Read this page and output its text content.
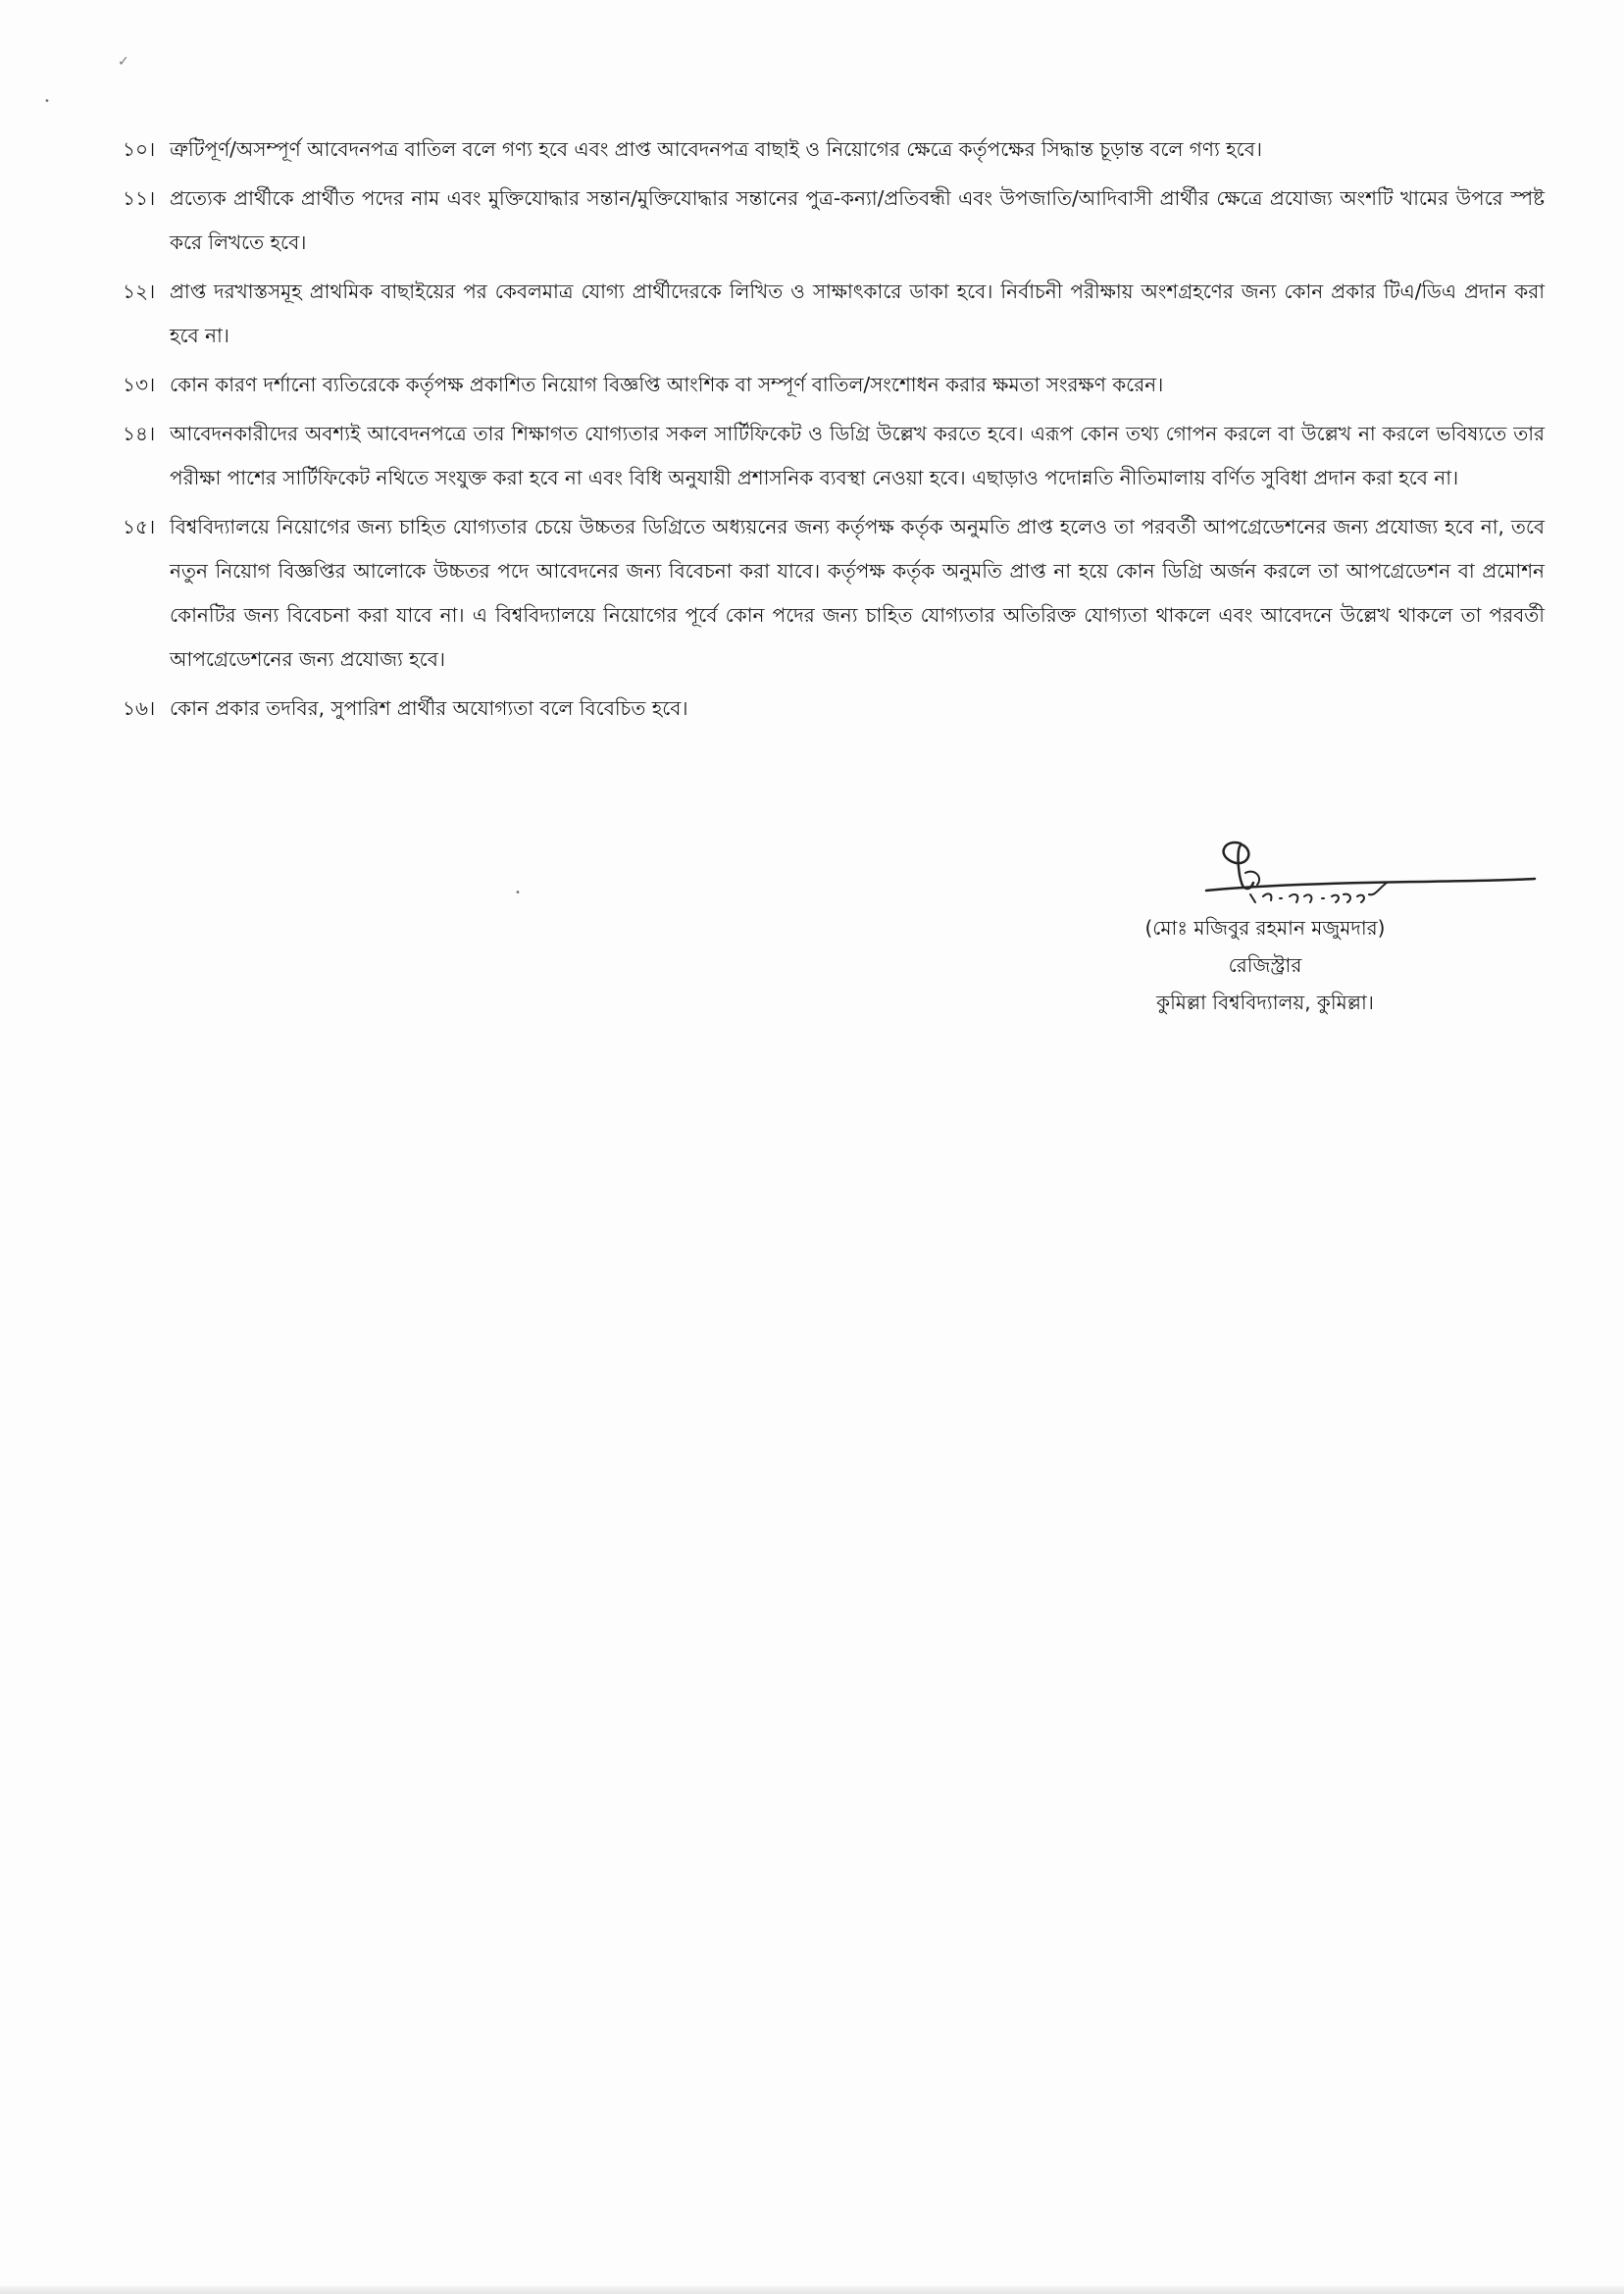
✓
•
•
১০। ত্রুটিপূর্ণ/অসম্পূর্ণ আবেদনপত্র বাতিল বলে গণ্য হবে এবং প্রাপ্ত আবেদনপত্র বাছাই ও নিয়োগের ক্ষেত্রে কর্তৃপক্ষের সিদ্ধান্ত চূড়ান্ত বলে গণ্য হবে।
১১। প্রত্যেক প্রার্থীকে প্রার্থীত পদের নাম এবং মুক্তিযোদ্ধার সন্তান/মুক্তিযোদ্ধার সন্তানের পুত্র-কন্যা/প্রতিবন্ধী এবং উপজাতি/আদিবাসী প্রার্থীর ক্ষেত্রে প্রযোজ্য অংশটি খামের উপরে স্পষ্ট করে লিখতে হবে।
১২। প্রাপ্ত দরখাস্তসমূহ প্রাথমিক বাছাইয়ের পর কেবলমাত্র যোগ্য প্রার্থীদেরকে লিখিত ও সাক্ষাৎকারে ডাকা হবে। নির্বাচনী পরীক্ষায় অংশগ্রহণের জন্য কোন প্রকার টিএ/ডিএ প্রদান করা হবে না।
১৩। কোন কারণ দর্শানো ব্যতিরেকে কর্তৃপক্ষ প্রকাশিত নিয়োগ বিজ্ঞপ্তি আংশিক বা সম্পূর্ণ বাতিল/সংশোধন করার ক্ষমতা সংরক্ষণ করেন।
১৪। আবেদনকারীদের অবশ্যই আবেদনপত্রে তার শিক্ষাগত যোগ্যতার সকল সার্টিফিকেট ও ডিগ্রি উল্লেখ করতে হবে। এরূপ কোন তথ্য গোপন করলে বা উল্লেখ না করলে ভবিষ্যতে তার পরীক্ষা পাশের সার্টিফিকেট নথিতে সংযুক্ত করা হবে না এবং বিধি অনুযায়ী প্রশাসনিক ব্যবস্থা নেওয়া হবে। এছাড়াও পদোন্নতি নীতিমালায় বর্ণিত সুবিধা প্রদান করা হবে না।
১৫। বিশ্ববিদ্যালয়ে নিয়োগের জন্য চাহিত যোগ্যতার চেয়ে উচ্চতর ডিগ্রিতে অধ্যয়নের জন্য কর্তৃপক্ষ কর্তৃক অনুমতি প্রাপ্ত হলেও তা পরবর্তী আপগ্রেডেশনের জন্য প্রযোজ্য হবে না, তবে নতুন নিয়োগ বিজ্ঞপ্তির আলোকে উচ্চতর পদে আবেদনের জন্য বিবেচনা করা যাবে। কর্তৃপক্ষ কর্তৃক অনুমতি প্রাপ্ত না হয়ে কোন ডিগ্রি অর্জন করলে তা আপগ্রেডেশন বা প্রমোশন কোনটির জন্য বিবেচনা করা যাবে না। এ বিশ্ববিদ্যালয়ে নিয়োগের পূর্বে কোন পদের জন্য চাহিত যোগ্যতার অতিরিক্ত যোগ্যতা থাকলে এবং আবেদনে উল্লেখ থাকলে তা পরবর্তী আপগ্রেডেশনের জন্য প্রযোজ্য হবে।
১৬। কোন প্রকার তদবির, সুপারিশ প্রার্থীর অযোগ্যতা বলে বিবেচিত হবে।
(মোঃ মজিবুর রহমান মজুমদার)
রেজিস্ট্রার
কুমিল্লা বিশ্ববিদ্যালয়, কুমিল্লা।
